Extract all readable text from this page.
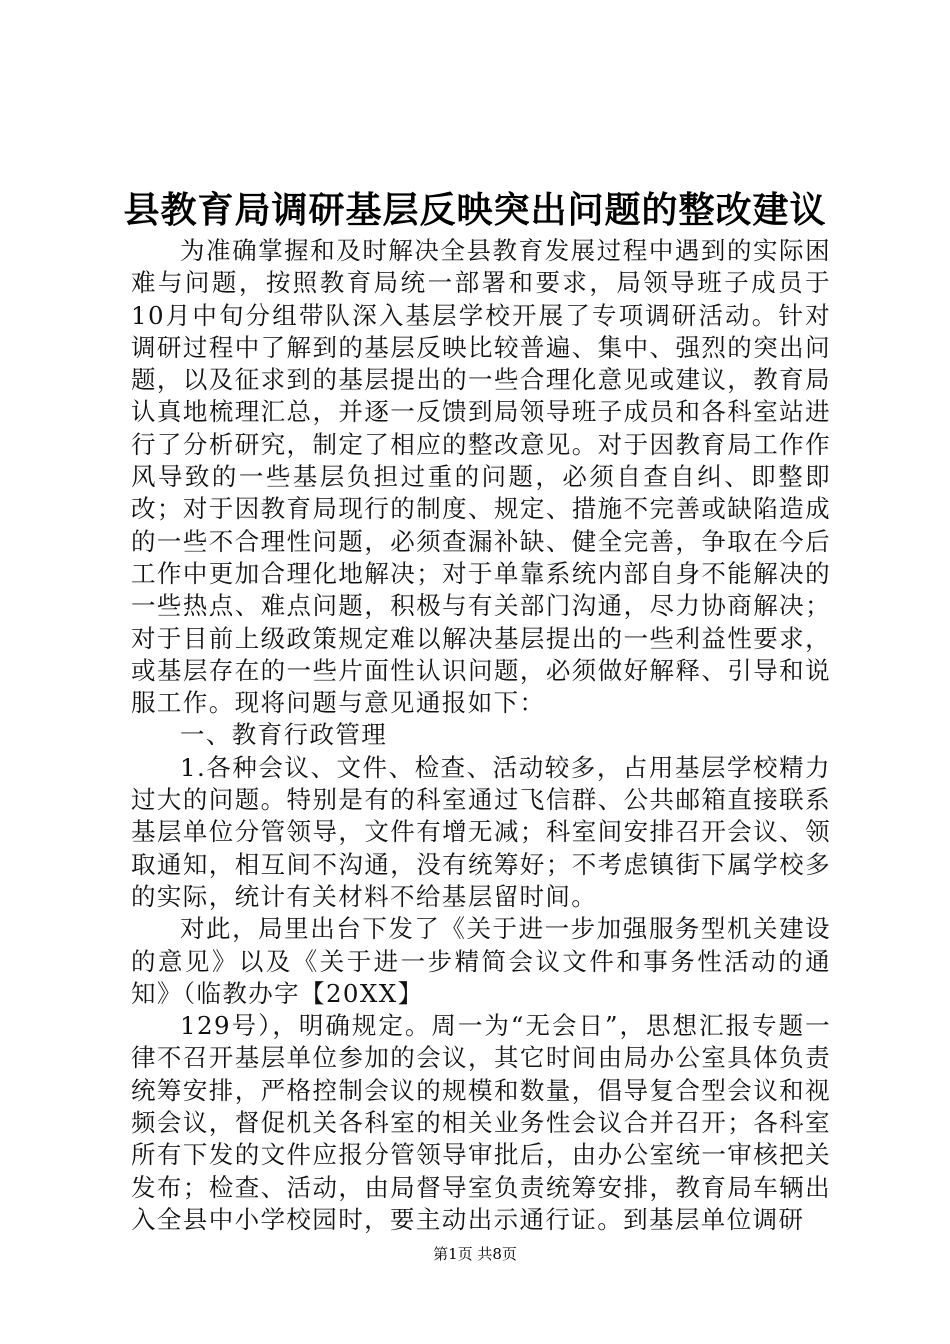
县教育局调研基层反映突出问题的整改建议

为准确掌握和及时解决全县教育发展过程中遇到的实际困难与问题，按照教育局统一部署和要求，局领导班子成员于10月中旬分组带队深入基层学校开展了专项调研活动。针对调研过程中了解到的基层反映比较普遍、集中、强烈的突出问题，以及征求到的基层提出的一些合理化意见或建议，教育局认真地梳理汇总，并逐一反馈到局领导班子成员和各科室站进行了分析研究，制定了相应的整改意见。对于因教育局工作作风导致的一些基层负担过重的问题，必须自查自纠、即整即改；对于因教育局现行的制度、规定、措施不完善或缺陷造成的一些不合理性问题，必须查漏补缺、健全完善，争取在今后工作中更加合理化地解决；对于单靠系统内部自身不能解决的一些热点、难点问题，积极与有关部门沟通，尽力协商解决；对于目前上级政策规定难以解决基层提出的一些利益性要求，或基层存在的一些片面性认识问题，必须做好解释、引导和说服工作。现将问题与意见通报如下：

一、教育行政管理

1.各种会议、文件、检查、活动较多，占用基层学校精力过大的问题。特别是有的科室通过飞信群、公共邮箱直接联系基层单位分管领导，文件有增无减；科室间安排召开会议、领取通知，相互间不沟通，没有统筹好；不考虑镇街下属学校多的实际，统计有关材料不给基层留时间。

对此，局里出台下发了《关于进一步加强服务型机关建设的意见》以及《关于进一步精简会议文件和事务性活动的通知》（临教办字【20XX】

129号），明确规定。周一为“无会日”，思想汇报专题一律不召开基层单位参加的会议，其它时间由局办公室具体负责统筹安排，严格控制会议的规模和数量，倡导复合型会议和视频会议，督促机关各科室的相关业务性会议合并召开；各科室所有下发的文件应报分管领导审批后，由办公室统一审核把关发布；检查、活动，由局督导室负责统筹安排，教育局车辆出入全县中小学校园时，要主动出示通行证。到基层单位调研

第1页 共8页
